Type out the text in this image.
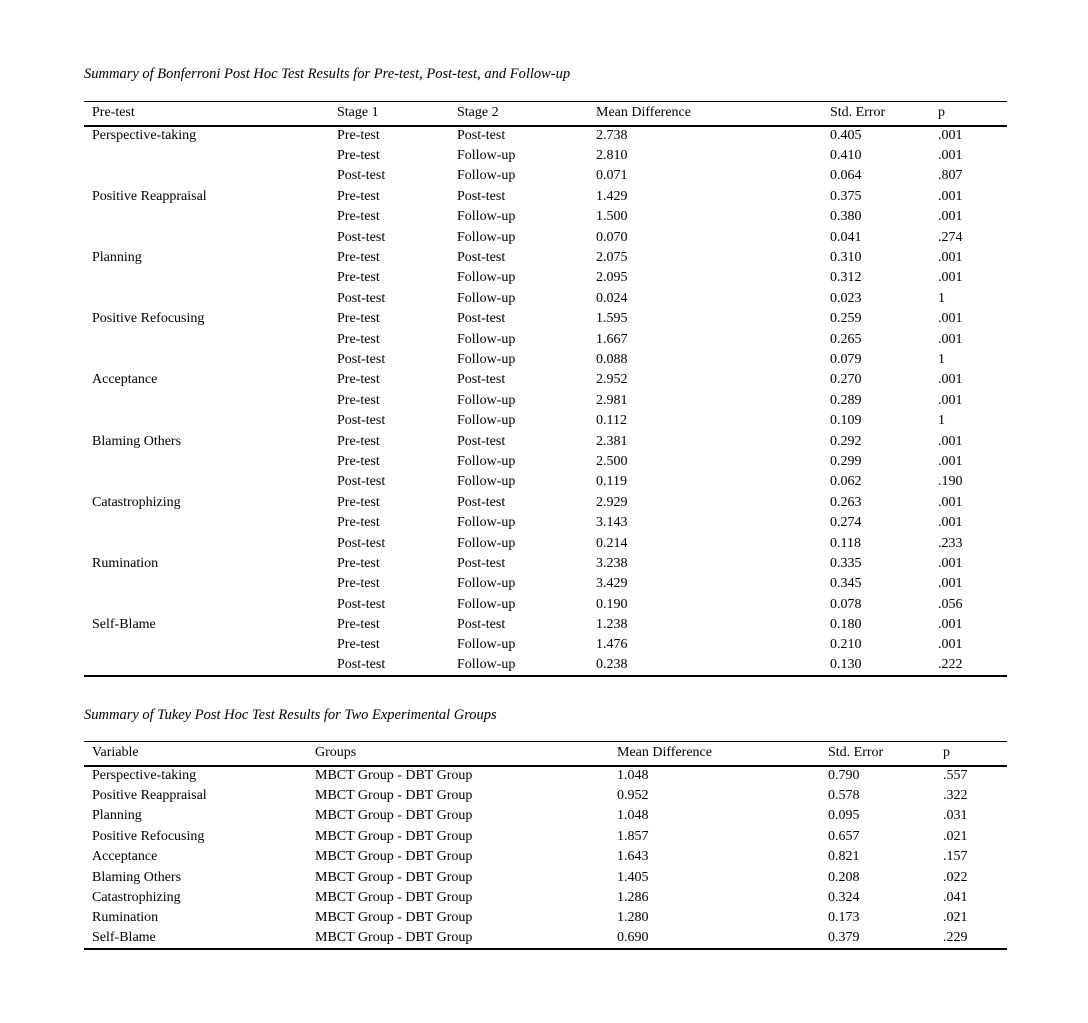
Summary of Bonferroni Post Hoc Test Results for Pre-test, Post-test, and Follow-up
Pre-test	Stage 1	Stage 2	Mean Difference	Std. Error	p
Perspective-taking	Pre-test	Post-test	2.738	0.405	.001
	Pre-test	Follow-up	2.810	0.410	.001
	Post-test	Follow-up	0.071	0.064	.807
Positive Reappraisal	Pre-test	Post-test	1.429	0.375	.001
	Pre-test	Follow-up	1.500	0.380	.001
	Post-test	Follow-up	0.070	0.041	.274
Planning	Pre-test	Post-test	2.075	0.310	.001
	Pre-test	Follow-up	2.095	0.312	.001
	Post-test	Follow-up	0.024	0.023	1
Positive Refocusing	Pre-test	Post-test	1.595	0.259	.001
	Pre-test	Follow-up	1.667	0.265	.001
	Post-test	Follow-up	0.088	0.079	1
Acceptance	Pre-test	Post-test	2.952	0.270	.001
	Pre-test	Follow-up	2.981	0.289	.001
	Post-test	Follow-up	0.112	0.109	1
Blaming Others	Pre-test	Post-test	2.381	0.292	.001
	Pre-test	Follow-up	2.500	0.299	.001
	Post-test	Follow-up	0.119	0.062	.190
Catastrophizing	Pre-test	Post-test	2.929	0.263	.001
	Pre-test	Follow-up	3.143	0.274	.001
	Post-test	Follow-up	0.214	0.118	.233
Rumination	Pre-test	Post-test	3.238	0.335	.001
	Pre-test	Follow-up	3.429	0.345	.001
	Post-test	Follow-up	0.190	0.078	.056
Self-Blame	Pre-test	Post-test	1.238	0.180	.001
	Pre-test	Follow-up	1.476	0.210	.001
	Post-test	Follow-up	0.238	0.130	.222
Summary of Tukey Post Hoc Test Results for Two Experimental Groups
Variable	Groups	Mean Difference	Std. Error	p
Perspective-taking	MBCT Group - DBT Group	1.048	0.790	.557
Positive Reappraisal	MBCT Group - DBT Group	0.952	0.578	.322
Planning	MBCT Group - DBT Group	1.048	0.095	.031
Positive Refocusing	MBCT Group - DBT Group	1.857	0.657	.021
Acceptance	MBCT Group - DBT Group	1.643	0.821	.157
Blaming Others	MBCT Group - DBT Group	1.405	0.208	.022
Catastrophizing	MBCT Group - DBT Group	1.286	0.324	.041
Rumination	MBCT Group - DBT Group	1.280	0.173	.021
Self-Blame	MBCT Group - DBT Group	0.690	0.379	.229
